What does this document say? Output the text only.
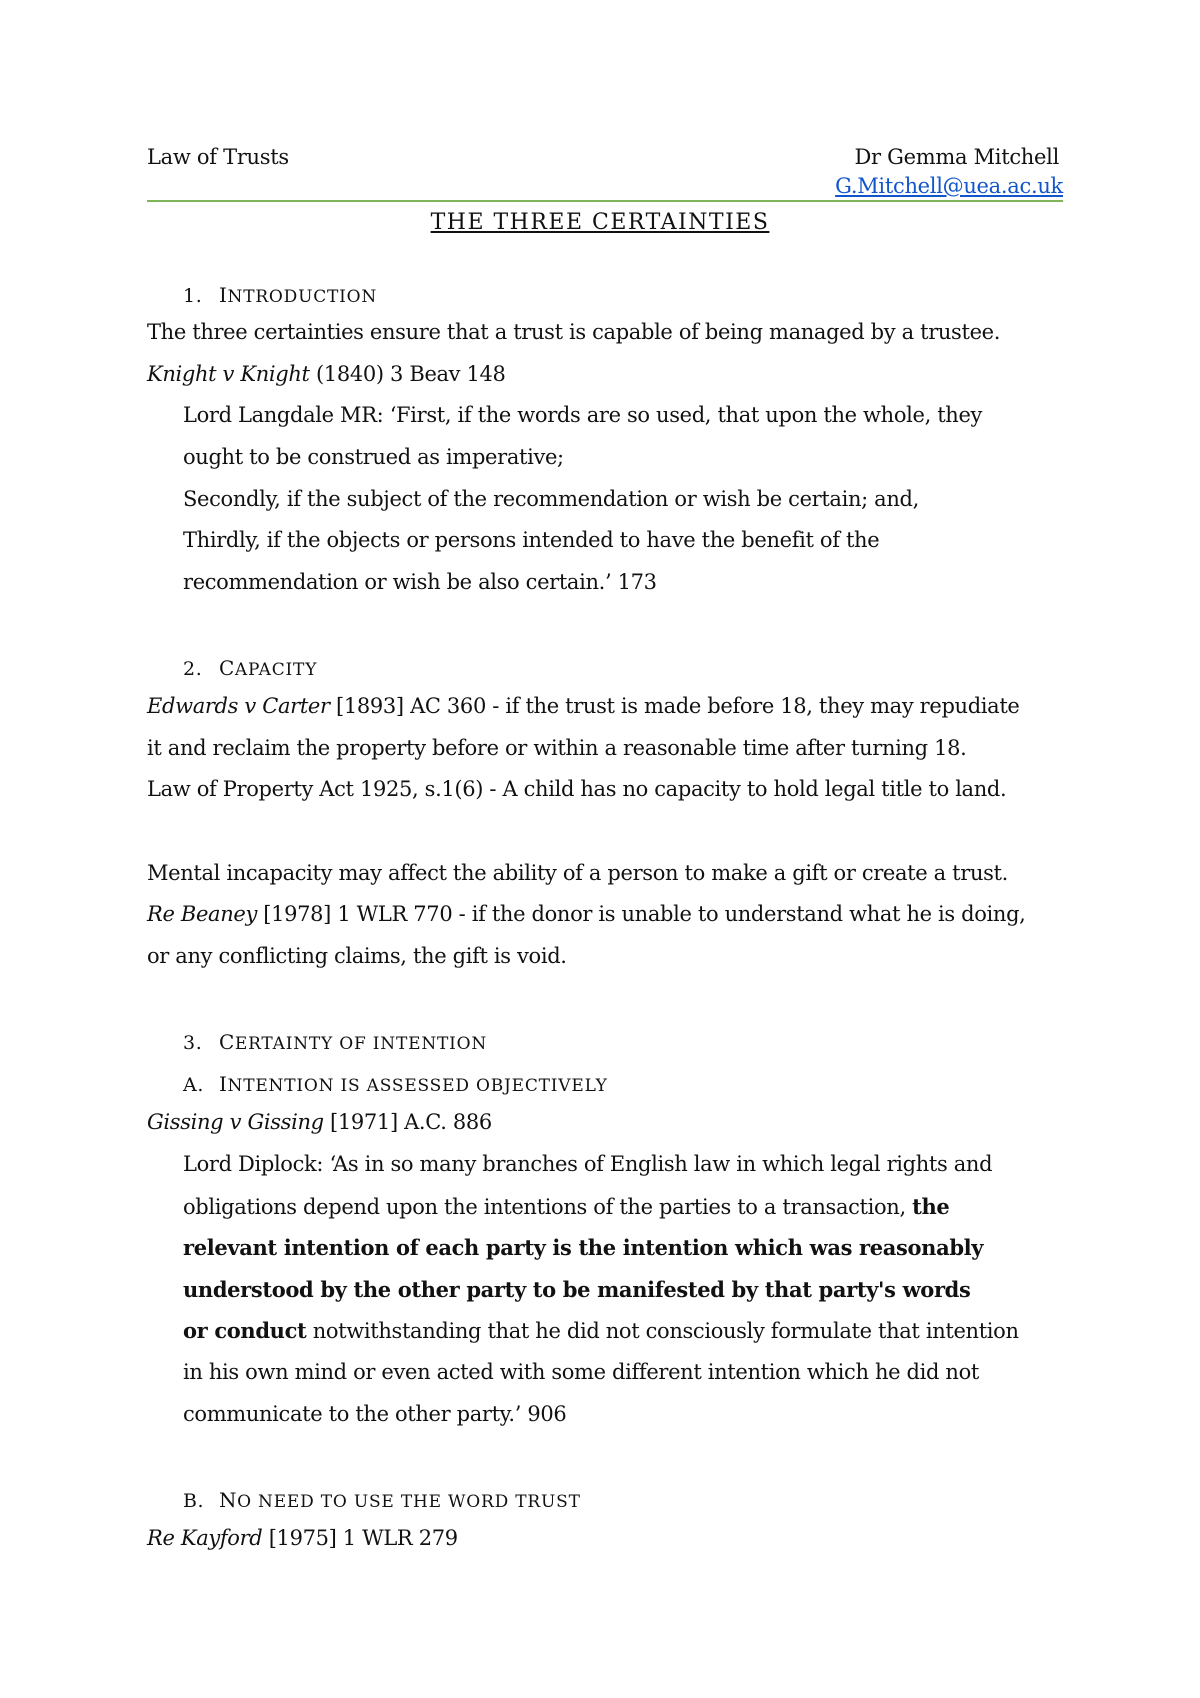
Law of Trusts	Dr Gemma Mitchell
G.Mitchell@uea.ac.uk
THE THREE CERTAINTIES
1. INTRODUCTION
The three certainties ensure that a trust is capable of being managed by a trustee.
Knight v Knight (1840) 3 Beav 148
Lord Langdale MR: ‘First, if the words are so used, that upon the whole, they
ought to be construed as imperative;
Secondly, if the subject of the recommendation or wish be certain; and,
Thirdly, if the objects or persons intended to have the benefit of the
recommendation or wish be also certain.’ 173
2. CAPACITY
Edwards v Carter [1893] AC 360 - if the trust is made before 18, they may repudiate
it and reclaim the property before or within a reasonable time after turning 18.
Law of Property Act 1925, s.1(6) - A child has no capacity to hold legal title to land.
Mental incapacity may affect the ability of a person to make a gift or create a trust.
Re Beaney [1978] 1 WLR 770 - if the donor is unable to understand what he is doing,
or any conflicting claims, the gift is void.
3. CERTAINTY OF INTENTION
A. INTENTION IS ASSESSED OBJECTIVELY
Gissing v Gissing [1971] A.C. 886
Lord Diplock: ‘As in so many branches of English law in which legal rights and
obligations depend upon the intentions of the parties to a transaction, the
relevant intention of each party is the intention which was reasonably
understood by the other party to be manifested by that party's words
or conduct notwithstanding that he did not consciously formulate that intention
in his own mind or even acted with some different intention which he did not
communicate to the other party.’ 906
B. NO NEED TO USE THE WORD TRUST
Re Kayford [1975] 1 WLR 279
